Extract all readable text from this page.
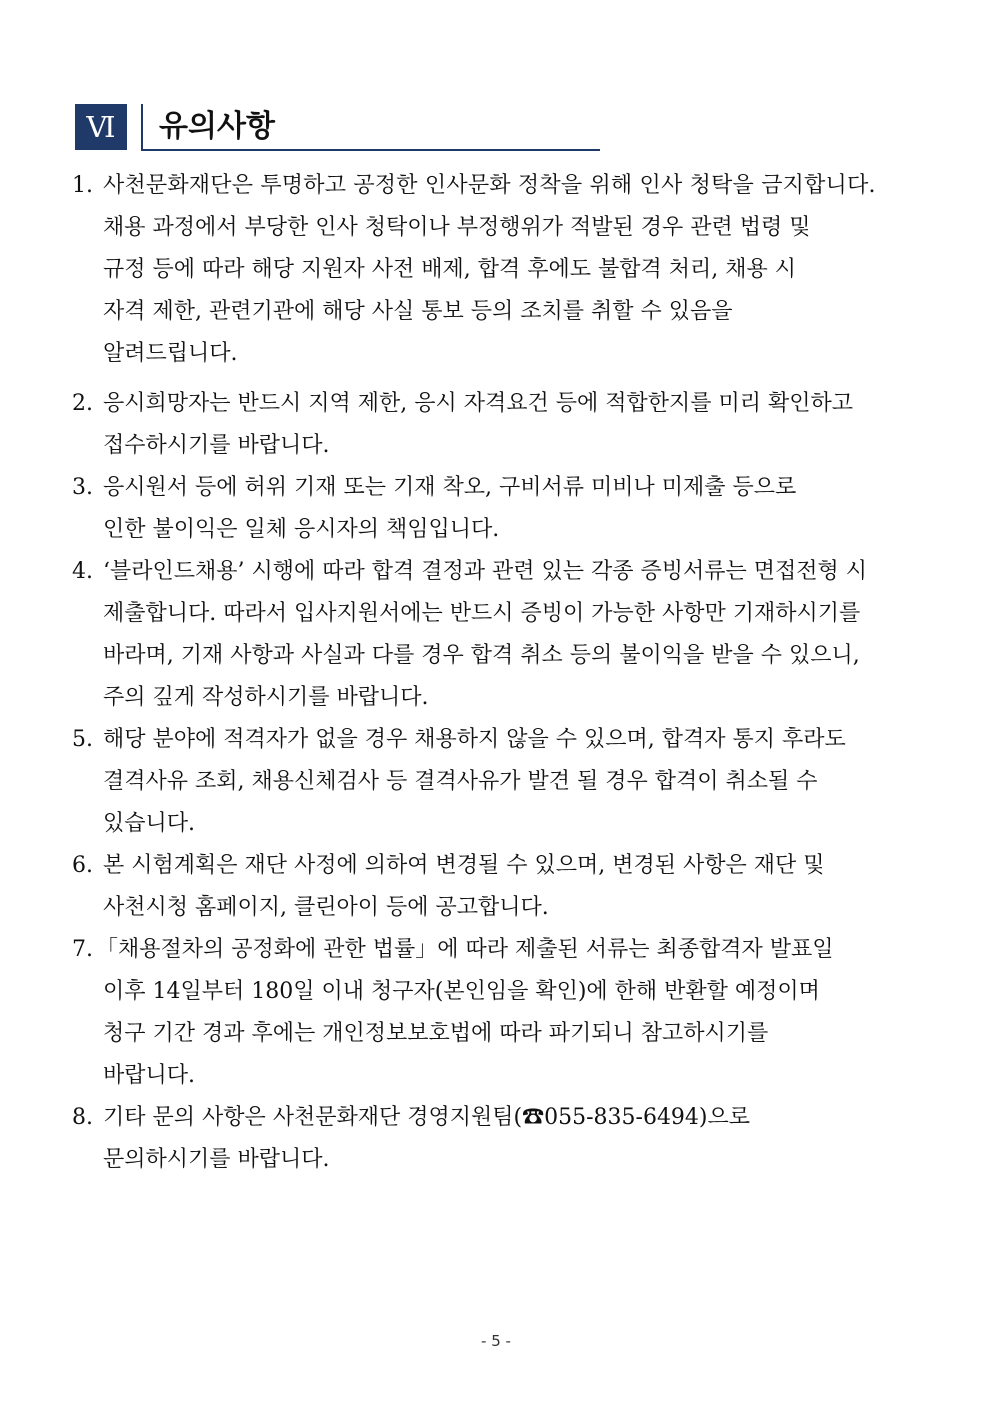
Ⅵ	유의사항
1. 사천문화재단은 투명하고 공정한 인사문화 정착을 위해 인사 청탁을 금지합니다.
채용 과정에서 부당한 인사 청탁이나 부정행위가 적발된 경우 관련 법령 및
규정 등에 따라 해당 지원자 사전 배제, 합격 후에도 불합격 처리, 채용 시
자격 제한, 관련기관에 해당 사실 통보 등의 조치를 취할 수 있음을
알려드립니다.
2. 응시희망자는 반드시 지역 제한, 응시 자격요건 등에 적합한지를 미리 확인하고
접수하시기를 바랍니다.
3. 응시원서 등에 허위 기재 또는 기재 착오, 구비서류 미비나 미제출 등으로
인한 불이익은 일체 응시자의 책임입니다.
4. ‘블라인드채용’ 시행에 따라 합격 결정과 관련 있는 각종 증빙서류는 면접전형 시
제출합니다. 따라서 입사지원서에는 반드시 증빙이 가능한 사항만 기재하시기를
바라며, 기재 사항과 사실과 다를 경우 합격 취소 등의 불이익을 받을 수 있으니,
주의 깊게 작성하시기를 바랍니다.
5. 해당 분야에 적격자가 없을 경우 채용하지 않을 수 있으며, 합격자 통지 후라도
결격사유 조회, 채용신체검사 등 결격사유가 발견 될 경우 합격이 취소될 수
있습니다.
6. 본 시험계획은 재단 사정에 의하여 변경될 수 있으며, 변경된 사항은 재단 및
사천시청 홈페이지, 클린아이 등에 공고합니다.
7. 「채용절차의 공정화에 관한 법률」에 따라 제출된 서류는 최종합격자 발표일
이후 14일부터 180일 이내 청구자(본인임을 확인)에 한해 반환할 예정이며
청구 기간 경과 후에는 개인정보보호법에 따라 파기되니 참고하시기를
바랍니다.
8. 기타 문의 사항은 사천문화재단 경영지원팀(☎055-835-6494)으로
문의하시기를 바랍니다.
- 5 -
